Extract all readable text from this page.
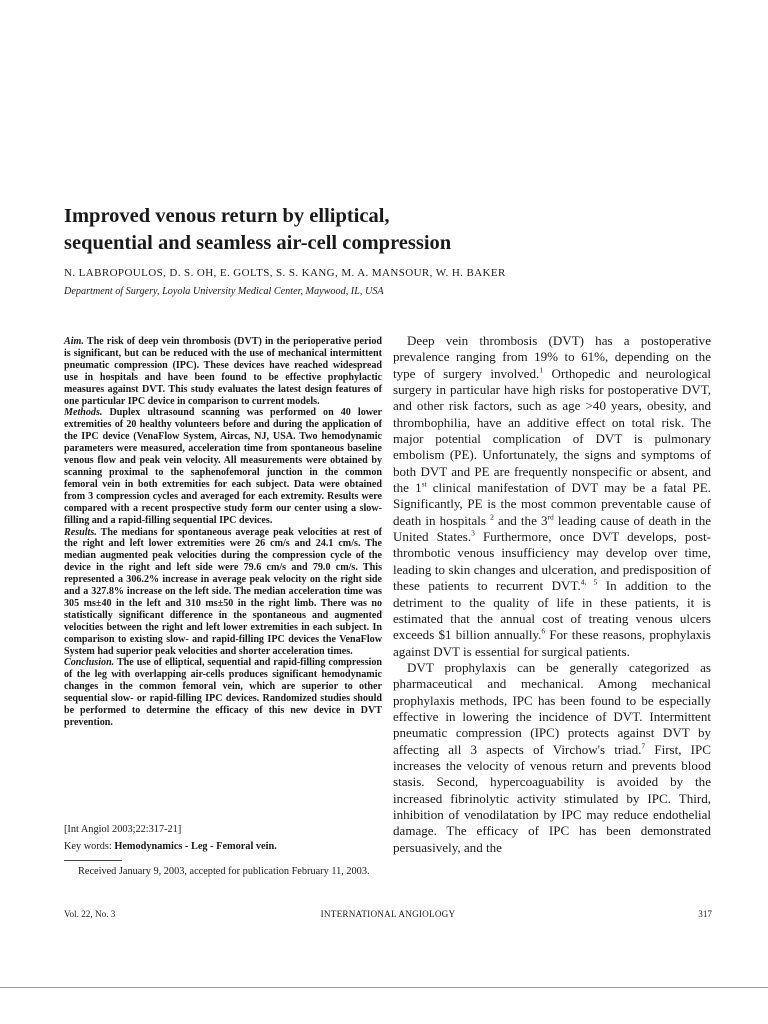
Improved venous return by elliptical,
sequential and seamless air-cell compression
N. LABROPOULOS, D. S. OH, E. GOLTS, S. S. KANG, M. A. MANSOUR, W. H. BAKER
Department of Surgery, Loyola University Medical Center, Maywood, IL, USA

Aim. The risk of deep vein thrombosis (DVT) in the perioperative period is significant, but can be reduced with the use of mechanical intermittent pneumatic compression (IPC). These devices have reached widespread use in hospitals and have been found to be effective prophylactic measures against DVT. This study evaluates the latest design features of one particular IPC device in comparison to current models.

Methods. Duplex ultrasound scanning was performed on 40 lower extremities of 20 healthy volunteers before and during the application of the IPC device (VenaFlow System, Aircas, NJ, USA. Two hemodynamic parameters were measured, acceleration time from spontaneous baseline venous flow and peak vein velocity. All measurements were obtained by scanning proximal to the saphenofemoral junction in the common femoral vein in both extremities for each subject. Data were obtained from 3 compression cycles and averaged for each extremity. Results were compared with a recent prospective study form our center using a slow-filling and a rapid-filling sequential IPC devices.

Results. The medians for spontaneous average peak velocities at rest of the right and left lower extremities were 26 cm/s and 24.1 cm/s. The median augmented peak velocities during the compression cycle of the device in the right and left side were 79.6 cm/s and 79.0 cm/s. This represented a 306.2% increase in average peak velocity on the right side and a 327.8% increase on the left side. The median acceleration time was 305 ms±40 in the left and 310 ms±50 in the right limb. There was no statistically significant difference in the spontaneous and augmented velocities between the right and left lower extremities in each subject. In comparison to existing slow- and rapid-filling IPC devices the VenaFlow System had superior peak velocities and shorter acceleration times.

Conclusion. The use of elliptical, sequential and rapid-filling compression of the leg with overlapping air-cells produces significant hemodynamic changes in the common femoral vein, which are superior to other sequential slow- or rapid-filling IPC devices. Randomized studies should be performed to determine the efficacy of this new device in DVT prevention.

[Int Angiol 2003;22:317-21]
Key words: Hemodynamics - Leg - Femoral vein.
Received January 9, 2003, accepted for publication February 11, 2003.

Deep vein thrombosis (DVT) has a postoperative prevalence ranging from 19% to 61%, depending on the type of surgery involved.$^1$ Orthopedic and neurological surgery in particular have high risks for postoperative DVT, and other risk factors, such as age >40 years, obesity, and thrombophilia, have an additive effect on total risk. The major potential complication of DVT is pulmonary embolism (PE). Unfortunately, the signs and symptoms of both DVT and PE are frequently nonspecific or absent, and the 1st clinical manifestation of DVT may be a fatal PE. Significantly, PE is the most common preventable cause of death in hospitals $^2$ and the 3rd leading cause of death in the United States.$^3$ Furthermore, once DVT develops, post-thrombotic venous insufficiency may develop over time, leading to skin changes and ulceration, and predisposition of these patients to recurrent DVT.$^{4, 5}$ In addition to the detriment to the quality of life in these patients, it is estimated that the annual cost of treating venous ulcers exceeds $1 billion annually.$^6$ For these reasons, prophylaxis against DVT is essential for surgical patients.

DVT prophylaxis can be generally categorized as pharmaceutical and mechanical. Among mechanical prophylaxis methods, IPC has been found to be especially effective in lowering the incidence of DVT. Intermittent pneumatic compression (IPC) protects against DVT by affecting all 3 aspects of Virchow's triad.$^7$ First, IPC increases the velocity of venous return and prevents blood stasis. Second, hypercoaguability is avoided by the increased fibrinolytic activity stimulated by IPC. Third, inhibition of venodilatation by IPC may reduce endothelial damage. The efficacy of IPC has been demonstrated persuasively, and the

Vol. 22, No. 3	INTERNATIONAL ANGIOLOGY	317
